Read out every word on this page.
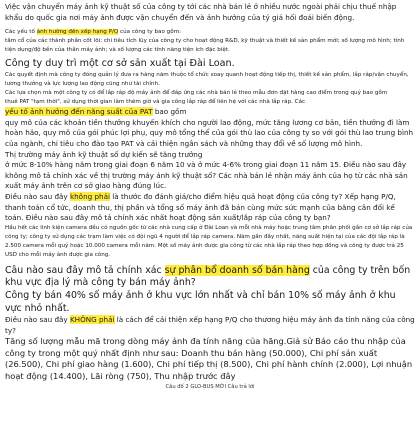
Việc vận chuyển máy ảnh kỹ thuật số của công ty tới các nhà bán lẻ ở nhiều nước ngoài phải chịu thuế nhập khẩu do quốc gia nơi máy ảnh được vận chuyển đến và ảnh hưởng của tỷ giá hối đoái biến động.

Các yếu tố ảnh hưởng đến xếp hạng P/Q của công ty bao gồm:

tâm cổ của các thành phần cốt lõi; chi tiêu tích lũy của công ty cho hoạt động R&D, kỹ thuật và thiết kế sản phẩm mới; số lượng mô hình; tính tiện dụng/độ bền của thân máy ảnh; và số lượng các tính năng tiện ích đặc biệt.

Công ty duy trì một cơ sở sản xuất tại Đài Loan.

Các quyết định mà công ty đóng quản lý đưa ra hàng năm thuộc tổ chức xoay quanh hoạt động tiếp thị, thiết kế sản phẩm, lắp ráp/vận chuyển, lương thưởng và lực lượng lao động cũng như tài chính.

Các lựa chọn mà một công ty có để lắp ráp độ máy ảnh để đáp ứng các nhà bán lẻ theo mẫu đơn đặt hàng cao điểm trong quý bao gồm

thuê PAT "tạm thời", sử dụng thời gian làm thêm giờ và gia công lắp ráp để liên hệ với các nhà lắp ráp. Các

yếu tố ảnh hưởng đến năng suất của PAT bao gồm

quy mô của các khoản tiền thưởng khuyến khích cho người lao động, mức tăng lương cơ bản, tiền thưởng đi làm hoàn hảo, quy mô của gói phúc lợi phụ, quy mô tổng thể của gói thù lao của công ty so với gói thù lao trung bình của ngành, chi tiêu cho đào tạo PAT và cải thiện ngân sách và những thay đổi về số lượng mô hình.

Thị trường máy ảnh kỹ thuật số dự kiến sẽ tăng trưởng

ở mức 8-10% hàng năm trong giai đoạn 6 năm 10 và ở mức 4-6% trong giai đoạn 11 năm 15. Điều nào sau đây không mô tả chính xác về thị trường máy ảnh kỹ thuật số? Các nhà bán lẻ nhận máy ảnh của họ từ các nhà sản xuất máy ảnh trên cơ sở giao hàng đúng lúc.

Điều nào sau đây không phải là thước đo đánh giá/cho điểm hiệu quả hoạt động của công ty? Xếp hạng P/Q, thanh toán cổ tức, doanh thu, thị phần và tổng số máy ảnh đã bán cùng mức sức mạnh của băng cân đối kế toán. Điều nào sau đây mô tả chính xác nhất hoạt động sản xuất/lắp ráp của công ty bạn?

Hầu hết các linh kiện camera đều có nguồn gốc từ các nhà cung cấp ở Đài Loan và mỗi nhà máy hoặc trung tâm phân phối gần cơ sở lắp ráp của công ty; công ty sử dụng các trạm làm việc có đội ngũ 4 người để lắp ráp camera. Năm gần đây nhất, năng suất hiện tại của các đội lắp ráp là 2.500 camera mỗi quý hoặc 10.000 camera mỗi năm. Một số máy ảnh được gia công từ các nhà lắp ráp theo hợp đồng và công ty được trả 25 USD cho mỗi máy ảnh được gia công.

Câu nào sau đây mô tả chính xác sự phân bổ doanh số bán hàng của công ty trên bốn khu vực địa lý mà công ty bán máy ảnh?

Công ty bán 40% số máy ảnh ở khu vực lớn nhất và chỉ bán 10% số máy ảnh ở khu vực nhỏ nhất.

Điều nào sau đây KHÔNG phải là cách để cải thiện xếp hạng P/Q cho thương hiệu máy ảnh đa tính năng của công ty?

Tăng số lượng mẫu mã trong dòng máy ảnh đa tính năng của hãng.Giả sử Báo cáo thu nhập của công ty trong một quý nhất định như sau: Doanh thu bán hàng (50.000), Chi phí sản xuất (26.500), Chi phí giao hàng (1.600), Chi phí tiếp thị (8.500), Chi phí hành chính (2.000), Lợi nhuận hoạt động (14.400), Lãi ròng (750), Thu nhập trước đây

Câu đố 2 GLO-BUS MỚI Câu trả lời
